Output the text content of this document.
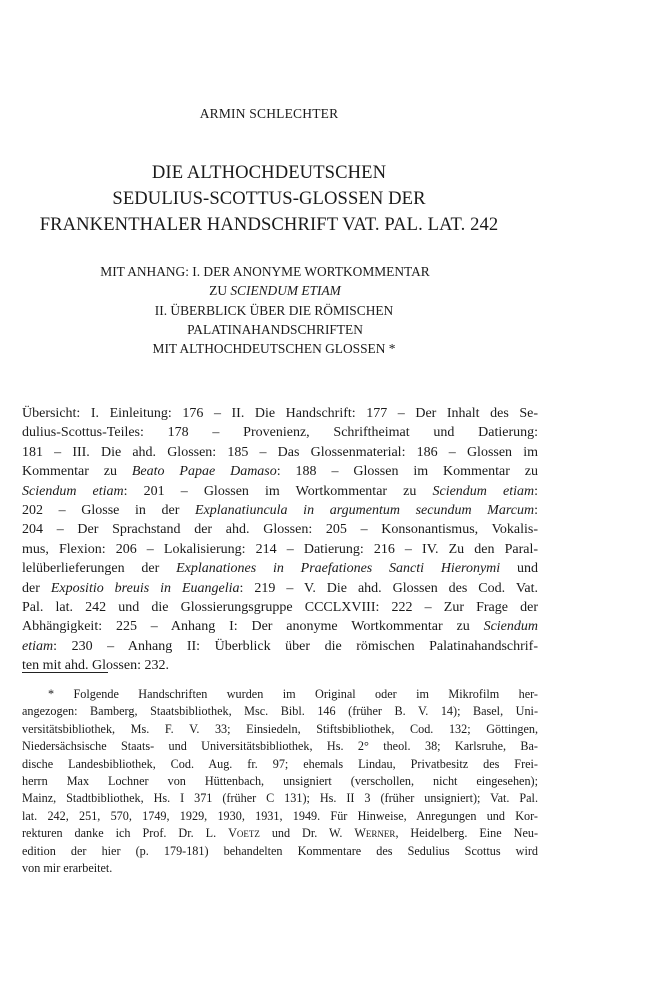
ARMIN SCHLECHTER
DIE ALTHOCHDEUTSCHEN
SEDULIUS-SCOTTUS-GLOSSEN DER
FRANKENTHALER HANDSCHRIFT VAT. PAL. LAT. 242
MIT ANHANG: I. DER ANONYME WORTKOMMENTAR
ZU SCIENDUM ETIAM
II. ÜBERBLICK ÜBER DIE RÖMISCHEN
PALATINAHANDSCHRIFTEN
MIT ALTHOCHDEUTSCHEN GLOSSEN *
Übersicht: I. Einleitung: 176 – II. Die Handschrift: 177 – Der Inhalt des Se-
dulius-Scottus-Teiles: 178 – Provenienz, Schriftheimat und Datierung:
181 – III. Die ahd. Glossen: 185 – Das Glossenmaterial: 186 – Glossen im
Kommentar zu Beato Papae Damaso: 188 – Glossen im Kommentar zu
Sciendum etiam: 201 – Glossen im Wortkommentar zu Sciendum etiam:
202 – Glosse in der Explanatiuncula in argumentum secundum Marcum:
204 – Der Sprachstand der ahd. Glossen: 205 – Konsonantismus, Vokalis-
mus, Flexion: 206 – Lokalisierung: 214 – Datierung: 216 – IV. Zu den Paral-
lelüberlieferungen der Explanationes in Praefationes Sancti Hieronymi und
der Expositio breuis in Euangelia: 219 – V. Die ahd. Glossen des Cod. Vat.
Pal. lat. 242 und die Glossierungsgruppe CCCLXVIII: 222 – Zur Frage der
Abhängigkeit: 225 – Anhang I: Der anonyme Wortkommentar zu Sciendum
etiam: 230 – Anhang II: Überblick über die römischen Palatinahandschrif-
ten mit ahd. Glossen: 232.
* Folgende Handschriften wurden im Original oder im Mikrofilm her-
angezogen: Bamberg, Staatsbibliothek, Msc. Bibl. 146 (früher B. V. 14); Basel, Uni-
versitätsbibliothek, Ms. F. V. 33; Einsiedeln, Stiftsbibliothek, Cod. 132; Göttingen,
Niedersächsische Staats- und Universitätsbibliothek, Hs. 2° theol. 38; Karlsruhe, Ba-
dische Landesbibliothek, Cod. Aug. fr. 97; ehemals Lindau, Privatbesitz des Frei-
herrn Max Lochner von Hüttenbach, unsigniert (verschollen, nicht eingesehen);
Mainz, Stadtbibliothek, Hs. I 371 (früher C 131); Hs. II 3 (früher unsigniert); Vat. Pal.
lat. 242, 251, 570, 1749, 1929, 1930, 1931, 1949. Für Hinweise, Anregungen und Kor-
rekturen danke ich Prof. Dr. L. Voetz und Dr. W. Werner, Heidelberg. Eine Neu-
edition der hier (p. 179-181) behandelten Kommentare des Sedulius Scottus wird
von mir erarbeitet.
